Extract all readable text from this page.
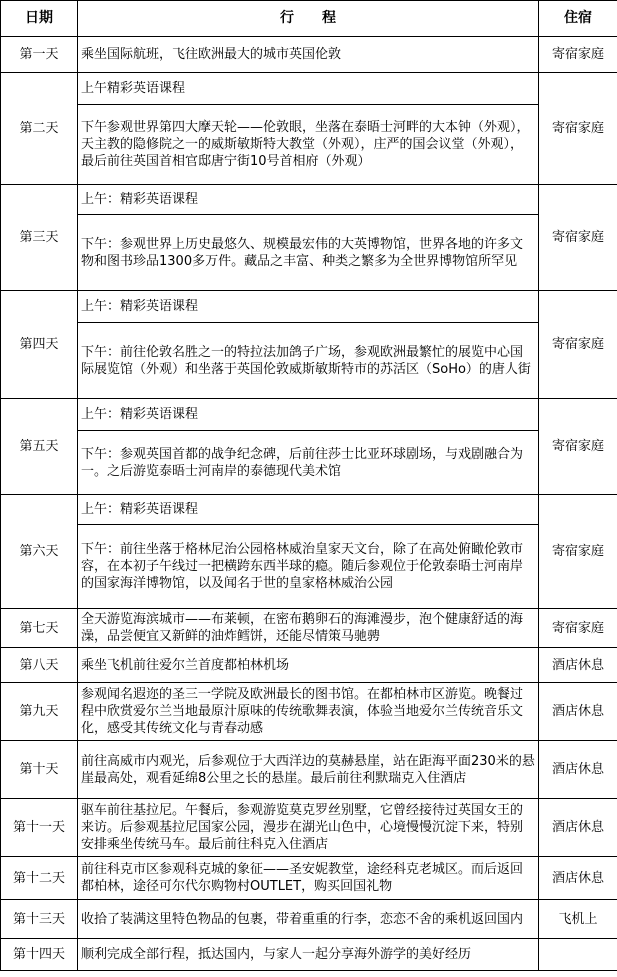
日期	行　　程	住宿
第一天	乘坐国际航班，飞往欧洲最大的城市英国伦敦	寄宿家庭
第二天	上午精彩英语课程	寄宿家庭
	下午参观世界第四大摩天轮——伦敦眼，坐落在泰晤士河畔的大本钟（外观），天主教的隐修院之一的威斯敏斯特大教堂（外观），庄严的国会议堂（外观），最后前往英国首相官邸唐宁街10号首相府（外观）	
第三天	上午：精彩英语课程	寄宿家庭
	下午：参观世界上历史最悠久、规模最宏伟的大英博物馆，世界各地的许多文物和图书珍品1300多万件。藏品之丰富、种类之繁多为全世界博物馆所罕见	
第四天	上午：精彩英语课程	寄宿家庭
	下午：前往伦敦名胜之一的特拉法加鸽子广场，参观欧洲最繁忙的展览中心国际展览馆（外观）和坐落于英国伦敦威斯敏斯特市的苏活区（SoHo）的唐人街	
第五天	上午：精彩英语课程	寄宿家庭
	下午：参观英国首都的战争纪念碑，后前往莎士比亚环球剧场，与戏剧融合为一。之后游览泰晤士河南岸的泰德现代美术馆	
第六天	上午：精彩英语课程	寄宿家庭
	下午：前往坐落于格林尼治公园格林威治皇家天文台，除了在高处俯瞰伦敦市容，在本初子午线过一把横跨东西半球的瘾。随后参观位于伦敦泰晤士河南岸的国家海洋博物馆，以及闻名于世的皇家格林威治公园	
第七天	全天游览海滨城市——布莱顿，在密布鹅卵石的海滩漫步，泡个健康舒适的海澡，品尝便宜又新鲜的油炸鳕饼，还能尽情策马驰骋	寄宿家庭
第八天	乘坐飞机前往爱尔兰首度都柏林机场	酒店休息
第九天	参观闻名遐迩的圣三一学院及欧洲最长的图书馆。在都柏林市区游览。晚餐过程中欣赏爱尔兰当地最原汁原味的传统歌舞表演，体验当地爱尔兰传统音乐文化，感受其传统文化与青春动感	酒店休息
第十天	前往高威市内观光，后参观位于大西洋边的莫赫悬崖，站在距海平面230米的悬崖最高处，观看延绵8公里之长的悬崖。最后前往利默瑞克入住酒店	酒店休息
第十一天	驱车前往基拉尼。午餐后，参观游览莫克罗丝别墅，它曾经接待过英国女王的来访。后参观基拉尼国家公园，漫步在湖光山色中，心境慢慢沉淀下来，特别安排乘坐传统马车。最后前往科克入住酒店	酒店休息
第十二天	前往科克市区参观科克城的象征——圣安妮教堂，途经科克老城区。而后返回都柏林，途径可尔代尔购物村OUTLET，购买回国礼物	酒店休息
第十三天	收拾了装满这里特色物品的包裹，带着重重的行李，恋恋不舍的乘机返回国内	飞机上
第十四天	顺利完成全部行程，抵达国内，与家人一起分享海外游学的美好经历	
